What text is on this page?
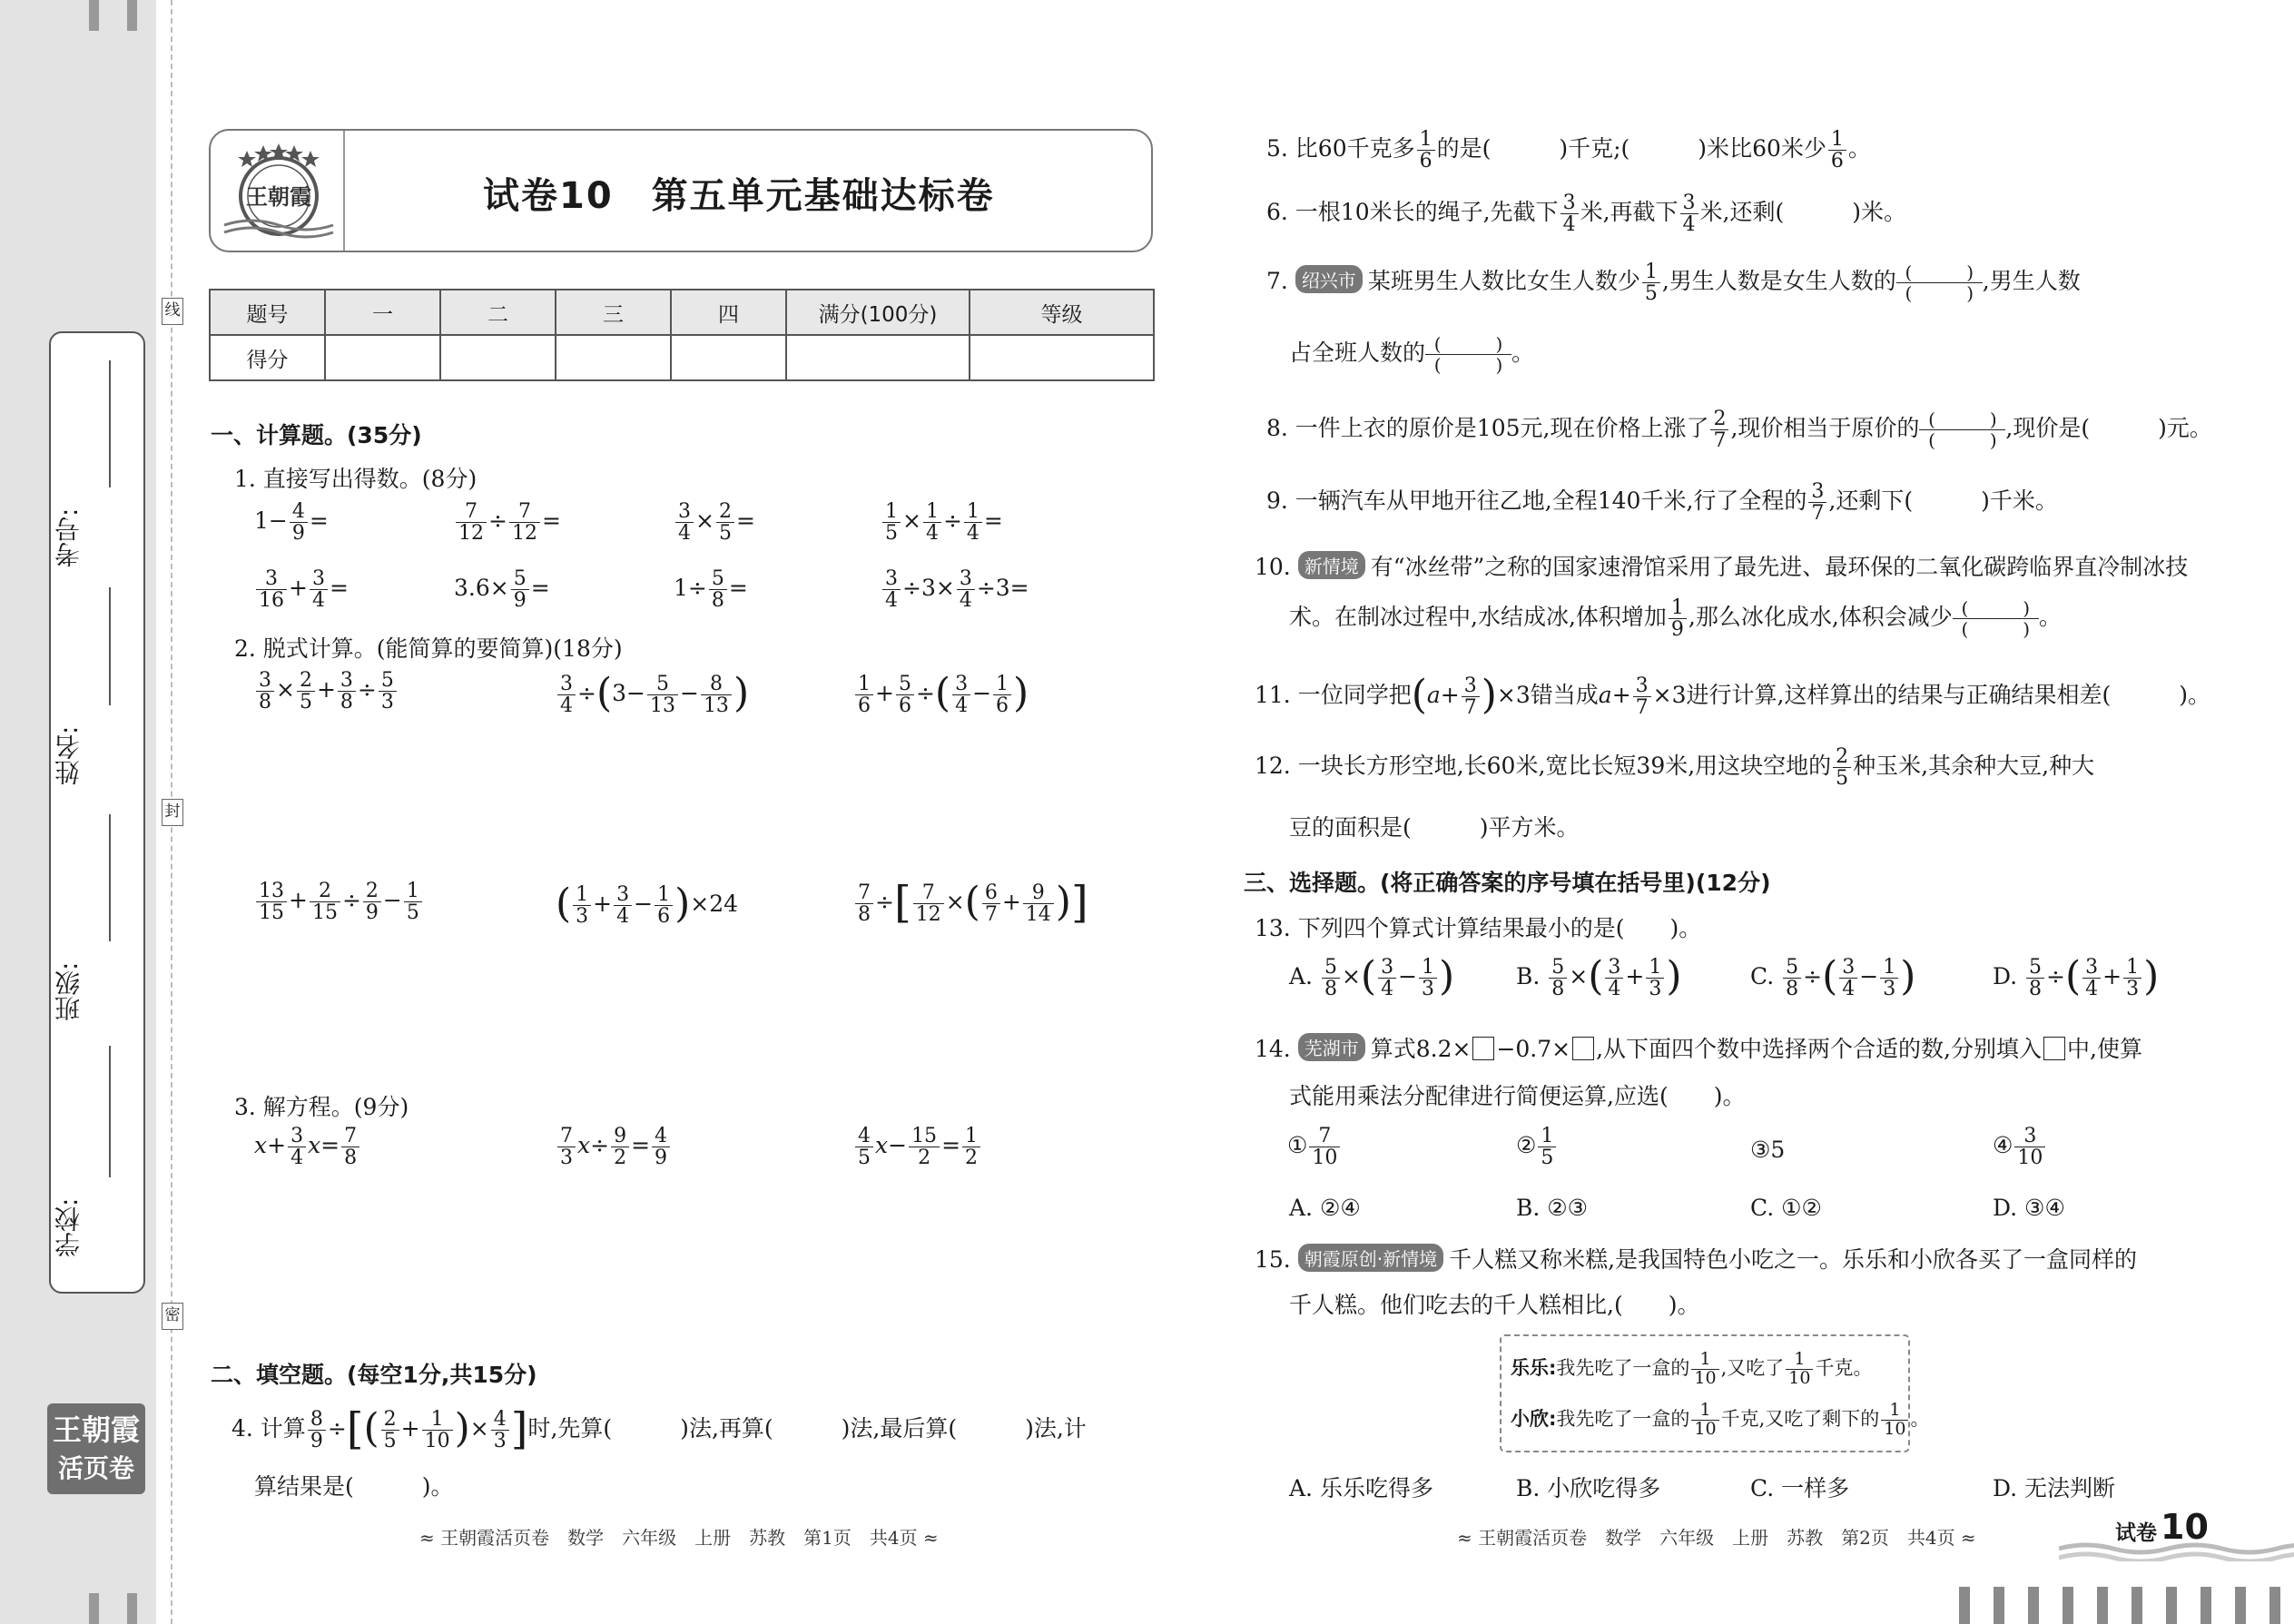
线
封
密
考号:
姓名:
班级:
学校:
王朝霞
活页卷
王朝霞	试卷10　第五单元基础达标卷
题号	一	二	三	四	满分(100分)	等级
得分						
一、计算题。(35分)
1. 直接写出得数。(8分)
$1- \frac{4}{9}$ =	$\frac{7}{12} \div \frac{7}{12}$ =	$\frac{3}{4} \times \frac{2}{5}$ =	$\frac{1}{5} \times \frac{1}{4} \div \frac{1}{4}$ =
$\frac{3}{16} + \frac{3}{4}$ =	$3.6\times \frac{5}{9}$ =	$1\div \frac{5}{8}$ =	$\frac{3}{4} \div 3\times \frac{3}{4} \div 3=$
2. 脱式计算。(能简算的要简算)(18分)
$\frac{3}{8} \times \frac{2}{5} + \frac{3}{8} \div \frac{5}{3}$	$\frac{3}{4} \div(3- \frac{5}{13} - \frac{8}{13}$ )	$\frac{1}{6} + \frac{5}{6}$ ÷( $\frac{3}{4} - \frac{1}{6}$ )
$\frac{13}{15} + \frac{2}{15} \div \frac{2}{9} - \frac{1}{5}$	( $\frac{1}{3} + \frac{3}{4} - \frac{1}{6} )\times 24$	$\frac{7}{8}$ ÷[ $\frac{7}{12}$ ×( $\frac{6}{7} + \frac{9}{14}$ )]
3. 解方程。(9分)
$x+ \frac{3}{4} x= \frac{7}{8}$	$\frac{7}{3} x\div \frac{9}{2} = \frac{4}{9}$	$\frac{4}{5} x- \frac{15}{2} = \frac{1}{2}$
二、填空题。(每空1分,共15分)
4. 计算 $\frac{8}{9}$ ÷[( $\frac{2}{5} + \frac{1}{10}$ )× $\frac{4}{3}$ ]时,先算(　　　)法,再算(　　　)法,最后算(　　　)法,计
算结果是(　　　)。
≈ 王朝霞活页卷　数学　六年级　上册　苏教　第1页　共4页 ≈
5. 比60千克多 $\frac{1}{6}$ 的是(　　　)千克;(　　　)米比60米少 $\frac{1}{6}$ 。
6. 一根10米长的绳子,先截下 $\frac{3}{4}$ 米,再截下 $\frac{3}{4}$ 米,还剩(　　　)米。
7. 绍兴市 某班男生人数比女生人数少 $\frac{1}{5}$ ,男生人数是女生人数的 (　　　)
(　　　) ,男生人数
占全班人数的 (　　　)
(　　　) 。
8. 一件上衣的原价是105元,现在价格上涨了 $\frac{2}{7}$ ,现价相当于原价的 (　　　)
(　　　) ,现价是(　　　)元。
9. 一辆汽车从甲地开往乙地,全程140千米,行了全程的 $\frac{3}{7}$ ,还剩下(　　　)千米。
10. 新情境 有“冰丝带”之称的国家速滑馆采用了最先进、最环保的二氧化碳跨临界直冷制冰技
术。在制冰过程中,水结成冰,体积增加 $\frac{1}{9}$ ,那么冰化成水,体积会减少 (　　　)
(　　　) 。
11. 一位同学把$(a+ \frac{3}{7} )\times 3$错当成$a+ \frac{3}{7} \times 3$进行计算,这样算出的结果与正确结果相差(　　　)。
12. 一块长方形空地,长60米,宽比长短39米,用这块空地的 $\frac{2}{5}$ 种玉米,其余种大豆,种大
豆的面积是(　　　)平方米。
三、选择题。(将正确答案的序号填在括号里)(12分)
13. 下列四个算式计算结果最小的是(　　)。
A. $\frac{5}{8}$ ×( $\frac{3}{4} - \frac{1}{3}$ )	B. $\frac{5}{8}$ ×( $\frac{3}{4} + \frac{1}{3}$ )	C. $\frac{5}{8}$ ÷( $\frac{3}{4} - \frac{1}{3}$ )	D. $\frac{5}{8}$ ÷( $\frac{3}{4} + \frac{1}{3}$ )
14. 芜湖市 算式8.2× −0.7× ,从下面四个数中选择两个合适的数,分别填入 中,使算
式能用乘法分配律进行简便运算,应选(　　)。
① $\frac{7}{10}$	② $\frac{1}{5}$	③5	④ $\frac{3}{10}$
A. ②④	B. ②③	C. ①②	D. ③④
15. 朝霞原创·新情境 千人糕又称米糕,是我国特色小吃之一。乐乐和小欣各买了一盒同样的
千人糕。他们吃去的千人糕相比,(　　)。
乐乐:我先吃了一盒的 $\frac{1}{10}$ ,又吃了 $\frac{1}{10}$ 千克。
小欣:我先吃了一盒的 $\frac{1}{10}$ 千克,又吃了剩下的 $\frac{1}{10}$ 。
A. 乐乐吃得多	B. 小欣吃得多	C. 一样多	D. 无法判断
≈ 王朝霞活页卷　数学　六年级　上册　苏教　第2页　共4页 ≈	试卷 10
